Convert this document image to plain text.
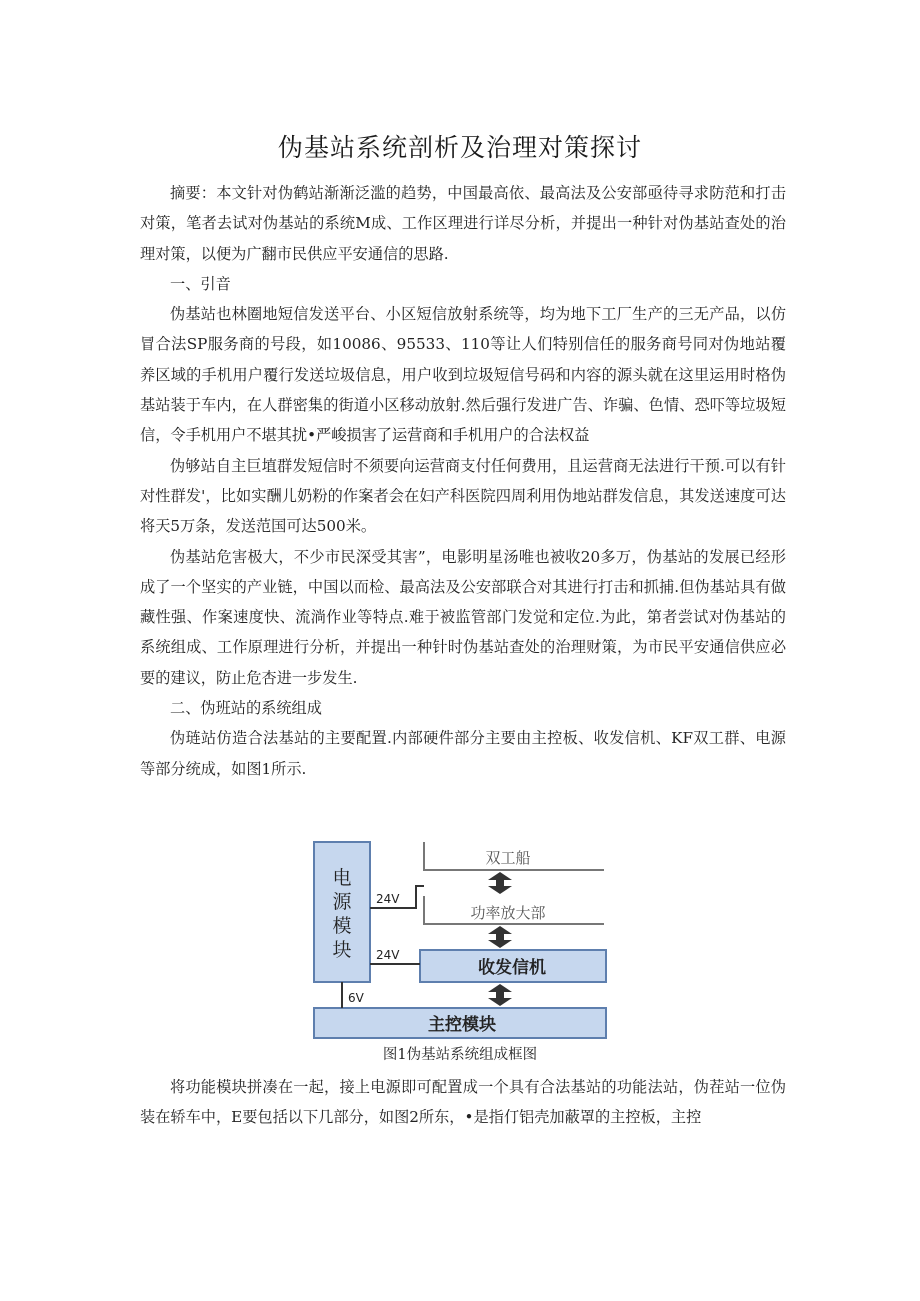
伪基站系统剖析及治理对策探讨

摘要：本文针对伪鹤站渐渐泛滥的趋势，中国最高依、最高法及公安部亟待寻求防范和打击对策，笔者去试对伪基站的系统M成、工作区理进行详尽分析，并提出一种针对伪基站查处的治理对策，以便为广翻市民供应平安通信的思路.

一、引音

伪基站也林圈地短信发送平台、小区短信放射系统等，均为地下工厂生产的三无产品，以仿冒合法SP服务商的号段，如10086、95533、110等让人们特别信任的服务商号同对伪地站覆养区域的手机用户覆行发送垃圾信息，用户收到垃圾短信号码和内容的源头就在这里运用时格伪基站装于车内，在人群密集的街道小区移动放射.然后强行发进广告、诈骗、色情、恐吓等垃圾短信，令手机用户不堪其扰•严峻损害了运营商和手机用户的合法权益

伪够站自主巨埴群发短信时不须要向运营商支付任何费用，且运营商无法进行干预.可以有针对性群发'，比如实酬儿奶粉的作案者会在妇产科医院四周利用伪地站群发信息，其发送速度可达将天5万条，发送范国可达500米。

伪基站危害极大，不少市民深受其害”，电影明星汤唯也被收20多万，伪基站的发展已经形成了一个坚实的产业链，中国以而检、最高法及公安部联合对其进行打击和抓捕.但伪基站具有做藏性强、作案速度快、流淌作业等特点.难于被监管部门发觉和定位.为此，第者尝试对伪基站的系统组成、工作原理进行分析，并提出一种针时伪基站查处的治理财策，为市民平安通信供应必要的建议，防止危杏进一步发生.

二、伪班站的系统组成

伪琏站仿造合法基站的主要配置.内部硬件部分主要由主控板、收发信机、KF双工群、电源等部分统成，如图1所示.

电源模块
双工船
功率放大部
收发信机
主控模块
24V
24V
6V
图1伪基站系统组成框图

将功能模块拼凑在一起，接上电源即可配置成一个具有合法基站的功能法站，伪茬站一位伪装在轿车中，E要包括以下几部分，如图2所东，•是指仃铝壳加蔽罩的主控板，主控
